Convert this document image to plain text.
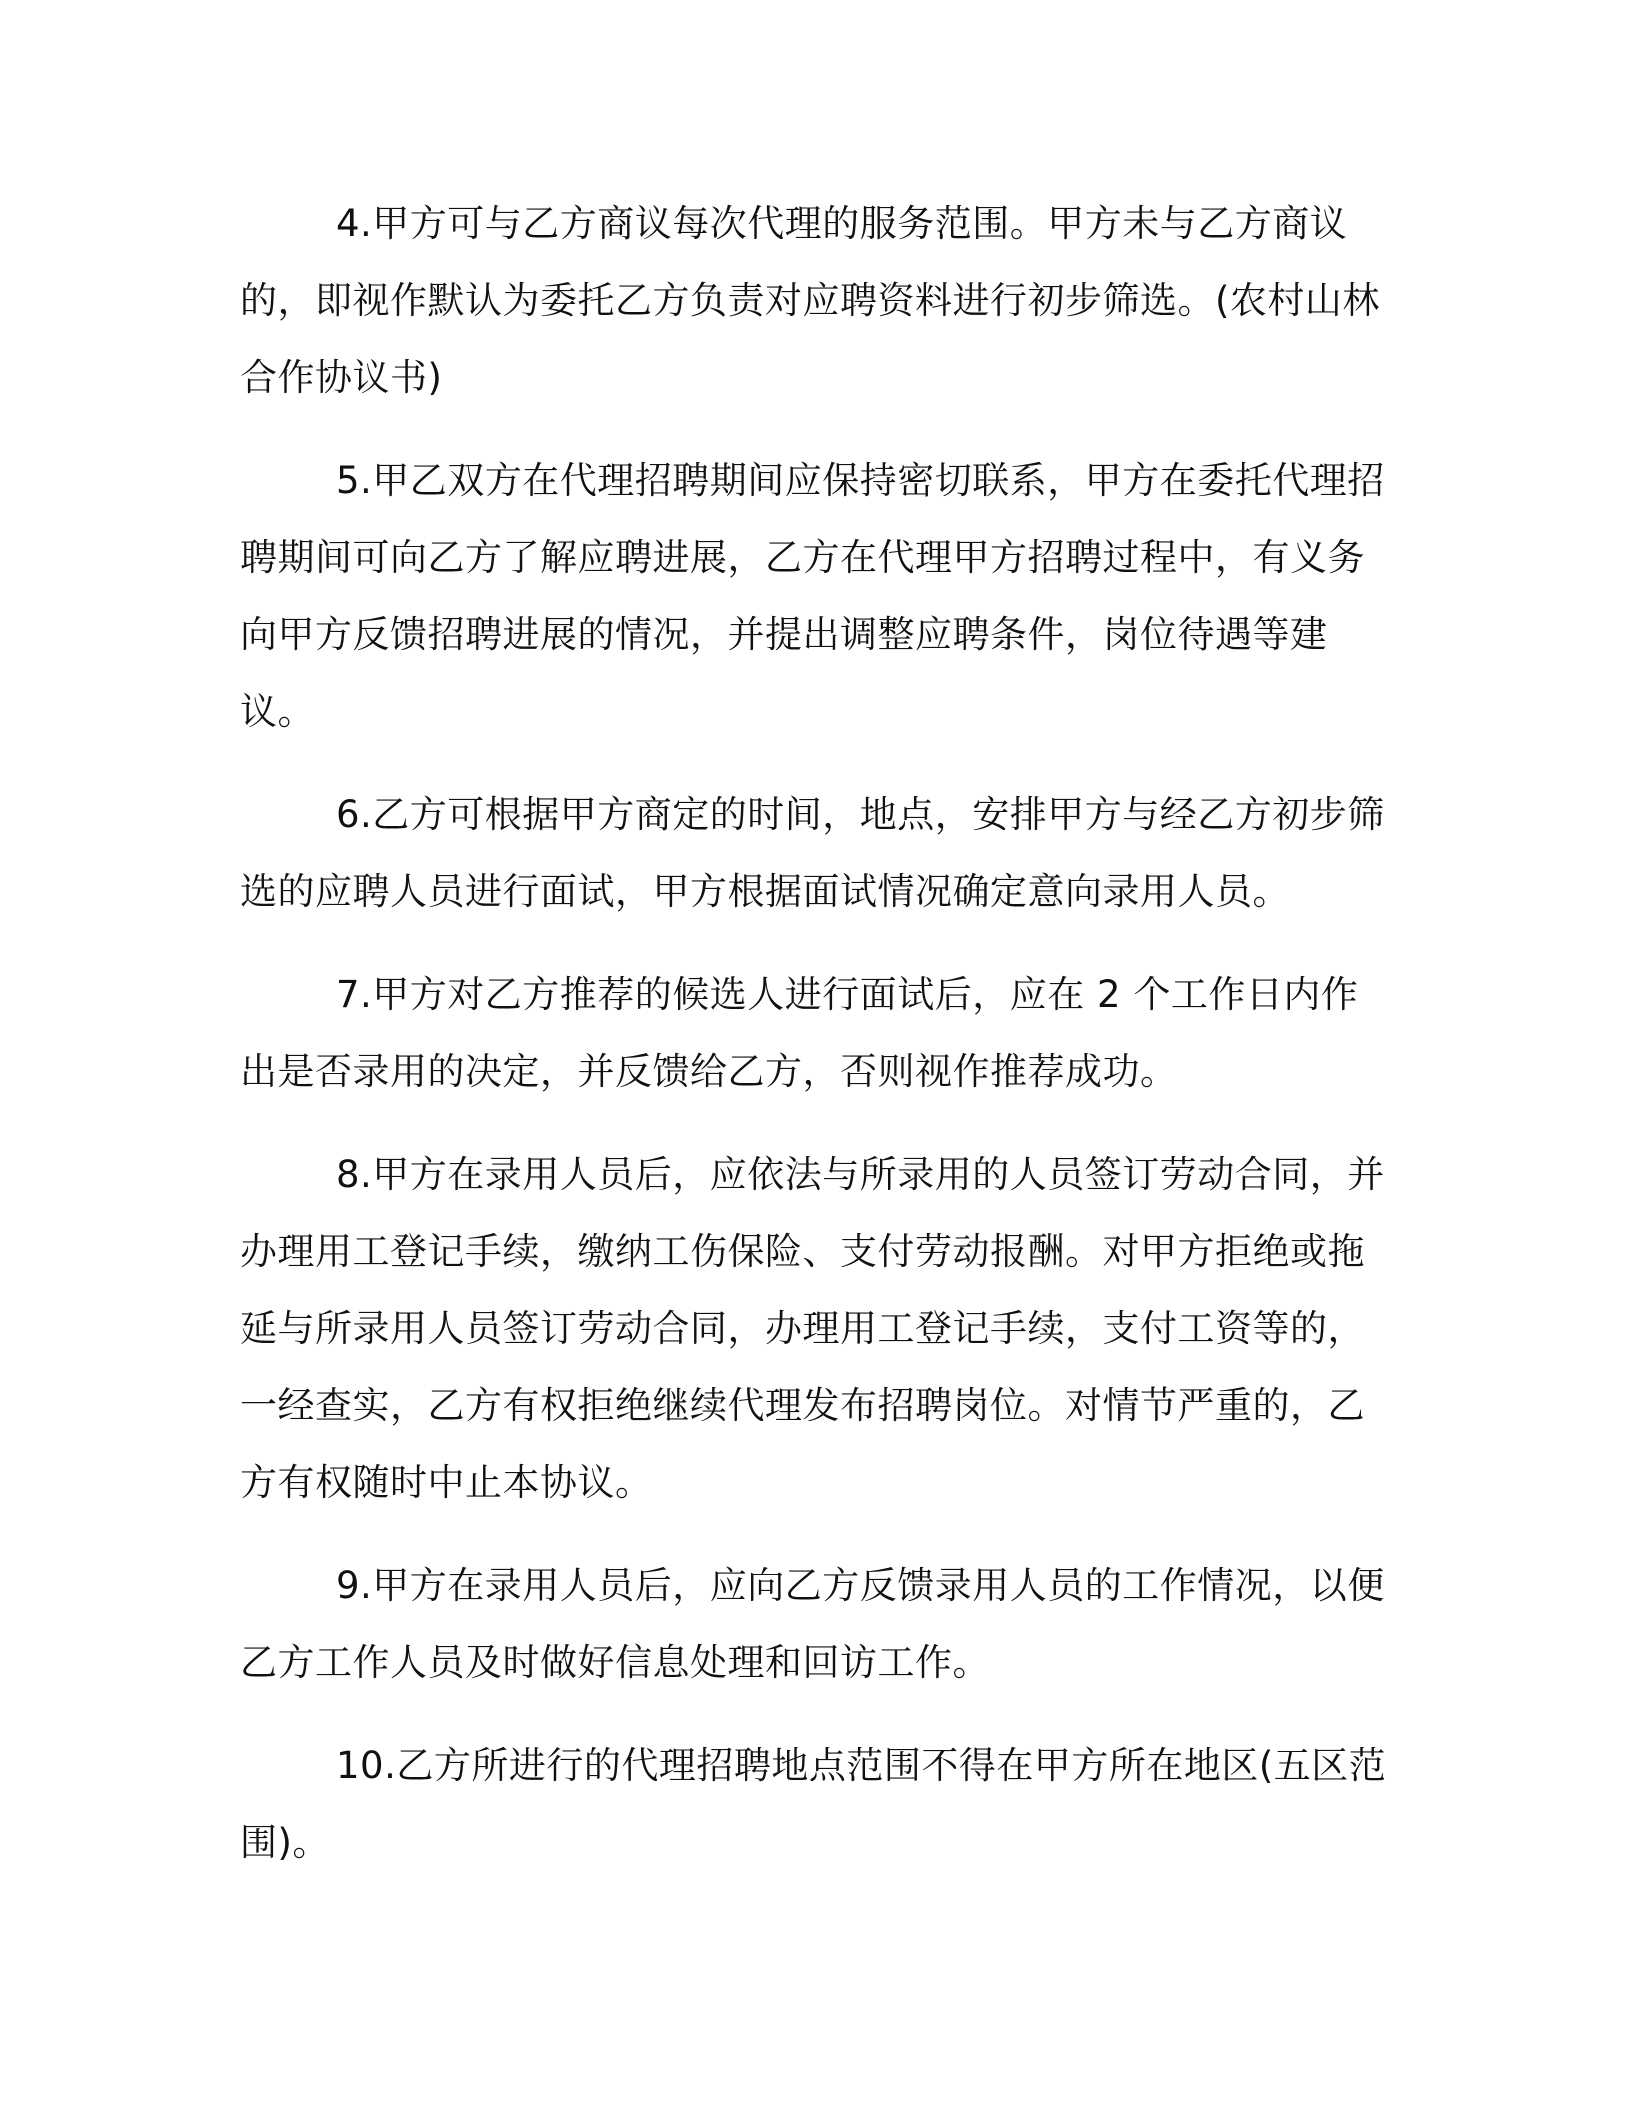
4.甲方可与乙方商议每次代理的服务范围。甲方未与乙方商议的，即视作默认为委托乙方负责对应聘资料进行初步筛选。(农村山林合作协议书)

5.甲乙双方在代理招聘期间应保持密切联系，甲方在委托代理招聘期间可向乙方了解应聘进展，乙方在代理甲方招聘过程中，有义务向甲方反馈招聘进展的情况，并提出调整应聘条件，岗位待遇等建议。

6.乙方可根据甲方商定的时间，地点，安排甲方与经乙方初步筛选的应聘人员进行面试，甲方根据面试情况确定意向录用人员。

7.甲方对乙方推荐的候选人进行面试后，应在 2 个工作日内作出是否录用的决定，并反馈给乙方，否则视作推荐成功。

8.甲方在录用人员后，应依法与所录用的人员签订劳动合同，并办理用工登记手续，缴纳工伤保险、支付劳动报酬。对甲方拒绝或拖延与所录用人员签订劳动合同，办理用工登记手续，支付工资等的，一经查实，乙方有权拒绝继续代理发布招聘岗位。对情节严重的，乙方有权随时中止本协议。

9.甲方在录用人员后，应向乙方反馈录用人员的工作情况，以便乙方工作人员及时做好信息处理和回访工作。

10.乙方所进行的代理招聘地点范围不得在甲方所在地区(五区范围)。
